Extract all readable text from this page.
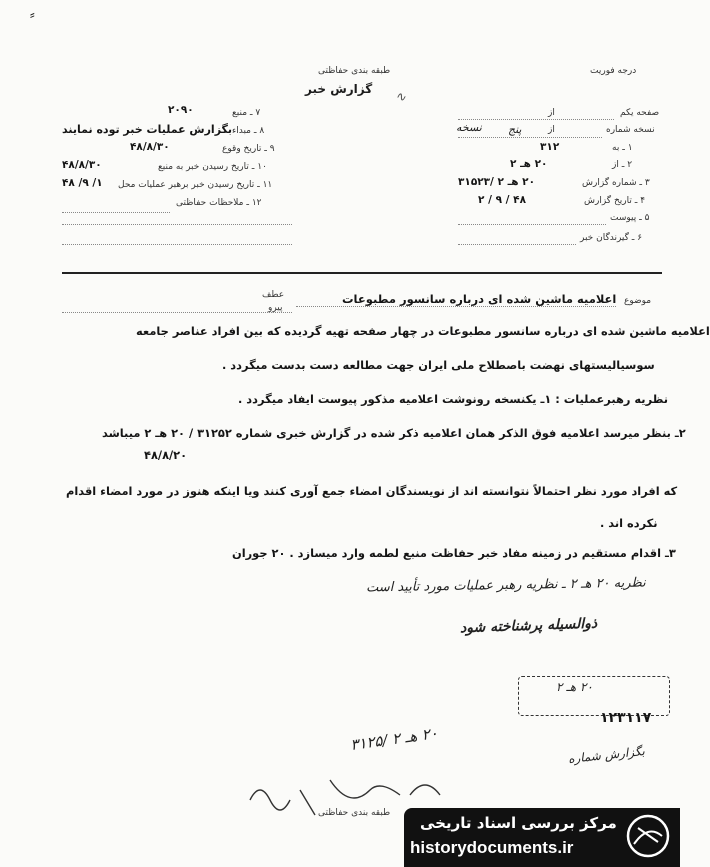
⸗
طبقه بندی حفاظتی
گزارش خبر
درجه فوریت
∿
صفحه یکم
از
نسخه شماره
از
نسخه پنج
۱ ـ به
۳۱۲
۲ ـ از
۲۰ هـ ۲
۳ ـ شماره گزارش
۲۰ هـ ۲ /۳۱۵۲۳
۴ ـ تاریخ گزارش
۴۸ / ۹ / ۲
۵ ـ پیوست
۶ ـ گیرندگان خبر
۷ ـ منبع
۲۰۹۰
۸ ـ مبداء
بگزارش عملیات خبر توده نمایند
۹ ـ تاریخ وقوع
۴۸/۸/۳۰
۱۰ ـ تاریخ رسیدن خبر به منبع
۴۸/۸/۳۰
۱۱ ـ تاریخ رسیدن خبر برهبر عملیات محل
۱/ ۹/ ۴۸
۱۲ ـ ملاحظات حفاظتی
موضوع
اعلامیه ماشین شده ای درباره سانسور مطبوعات
عطف
پیرو
اعلامیه ماشین شده ای درباره سانسور مطبوعات در چهار صفحه تهیه گردیده که بین افراد عناصر جامعه
سوسیالیستهای نهضت باصطلاح ملی ایران جهت مطالعه دست بدست میگردد .
نظریه رهبرعملیات : ۱ـ یکنسخه رونوشت اعلامیه مذکور پیوست ایفاد میگردد .
۲ـ بنظر میرسد اعلامیه فوق الذکر همان اعلامیه ذکر شده در گزارش خبری شماره ۳۱۲۵۲ / ۲۰ هـ ۲ میباشد
۴۸/۸/۲۰
که افراد مورد نظر احتمالاً نتوانسته اند از نویسندگان امضاء جمع آوری کنند ویا اینکه هنوز در مورد امضاء اقدام
نکرده اند .
۳ـ اقدام مستقیم در زمینه مفاد خبر حفاظت منبع لطمه وارد میسازد . ۲۰ جوران
نظریه ۲۰ هـ ۲ ـ نظریه رهبر عملیات مورد تأیید است
ذوالسیله پرشناخته شود
۲۰ هـ ۲
۱۲۳۱۱۷
۲۰ هـ ۲ /۳۱۲۵
بگزارش شماره
طبقه بندی حفاظتی
مرکز بررسی اسناد تاریخی
historydocuments.ir
